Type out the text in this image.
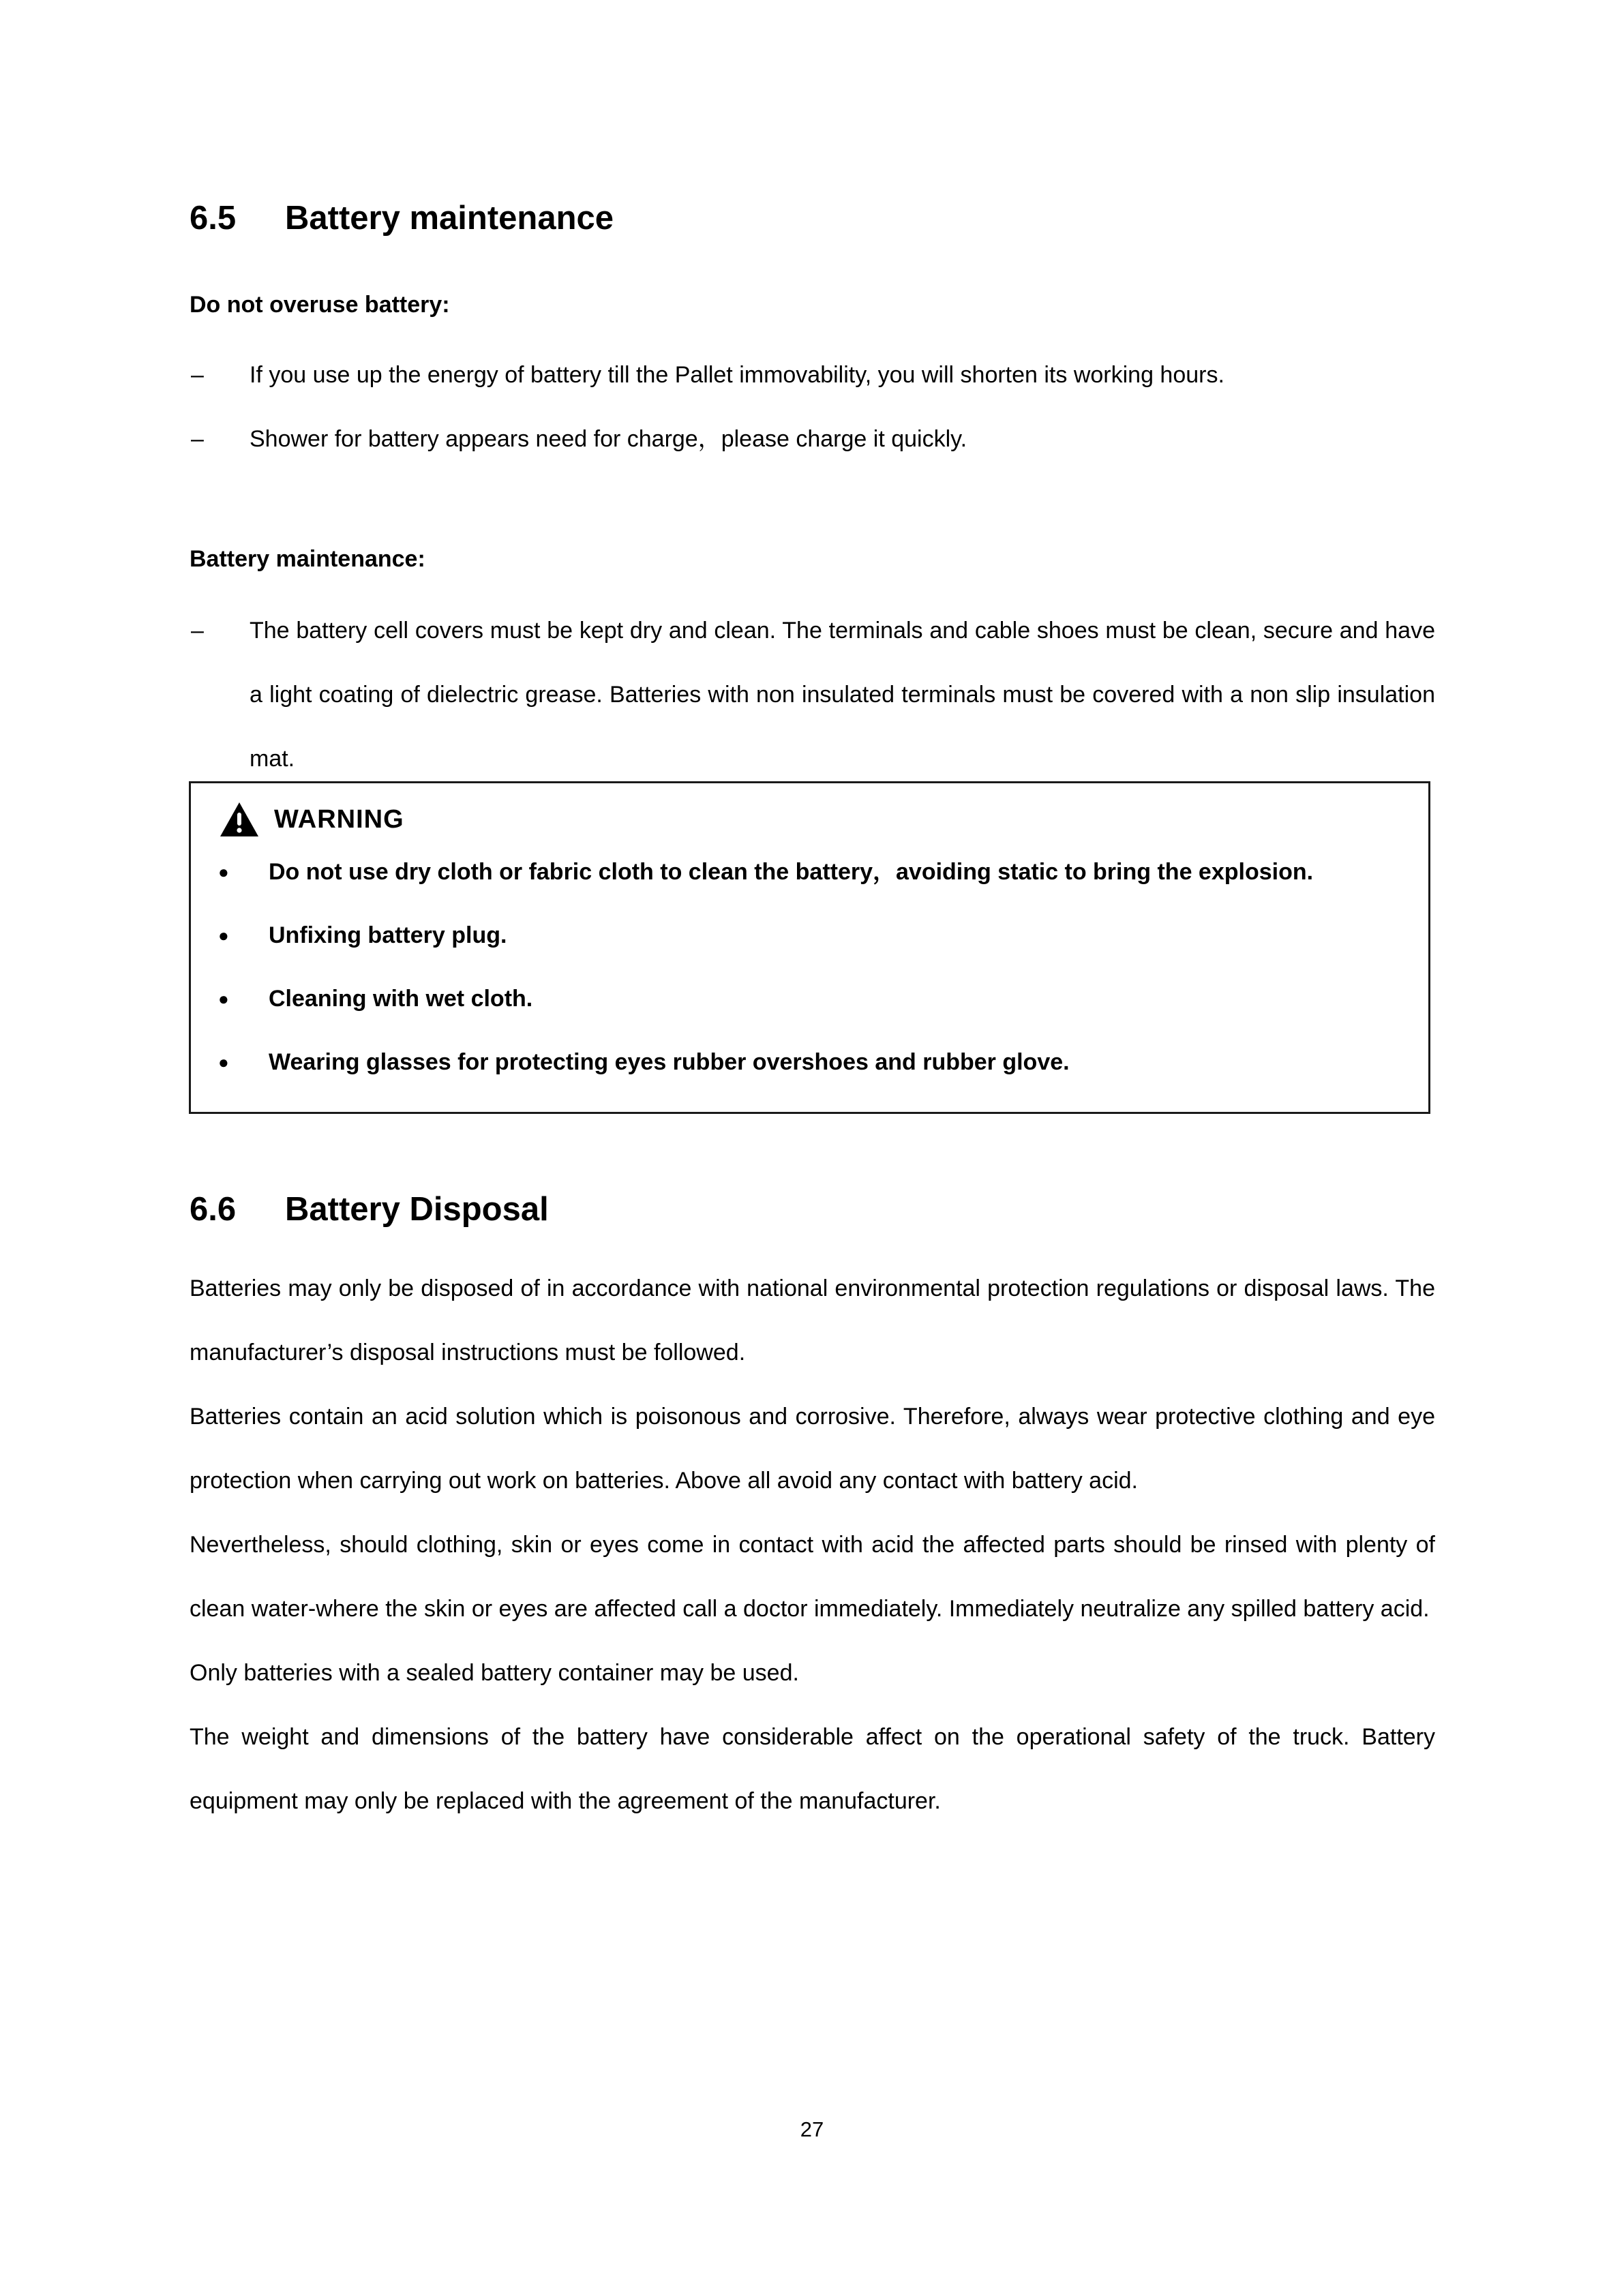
6.5 Battery maintenance

Do not overuse battery:

– If you use up the energy of battery till the Pallet immovability, you will shorten its working hours.
– Shower for battery appears need for charge，please charge it quickly.

Battery maintenance:

– The battery cell covers must be kept dry and clean. The terminals and cable shoes must be clean, secure and have a light coating of dielectric grease. Batteries with non insulated terminals must be covered with a non slip insulation mat.
WARNING
● Do not use dry cloth or fabric cloth to clean the battery，avoiding static to bring the explosion.
● Unfixing battery plug.
● Cleaning with wet cloth.
● Wearing glasses for protecting eyes rubber overshoes and rubber glove.
6.6 Battery Disposal

Batteries may only be disposed of in accordance with national environmental protection regulations or disposal laws. The manufacturer’s disposal instructions must be followed.

Batteries contain an acid solution which is poisonous and corrosive. Therefore, always wear protective clothing and eye protection when carrying out work on batteries. Above all avoid any contact with battery acid.

Nevertheless, should clothing, skin or eyes come in contact with acid the affected parts should be rinsed with plenty of clean water-where the skin or eyes are affected call a doctor immediately. Immediately neutralize any spilled battery acid.

Only batteries with a sealed battery container may be used.

The weight and dimensions of the battery have considerable affect on the operational safety of the truck. Battery equipment may only be replaced with the agreement of the manufacturer.

27
